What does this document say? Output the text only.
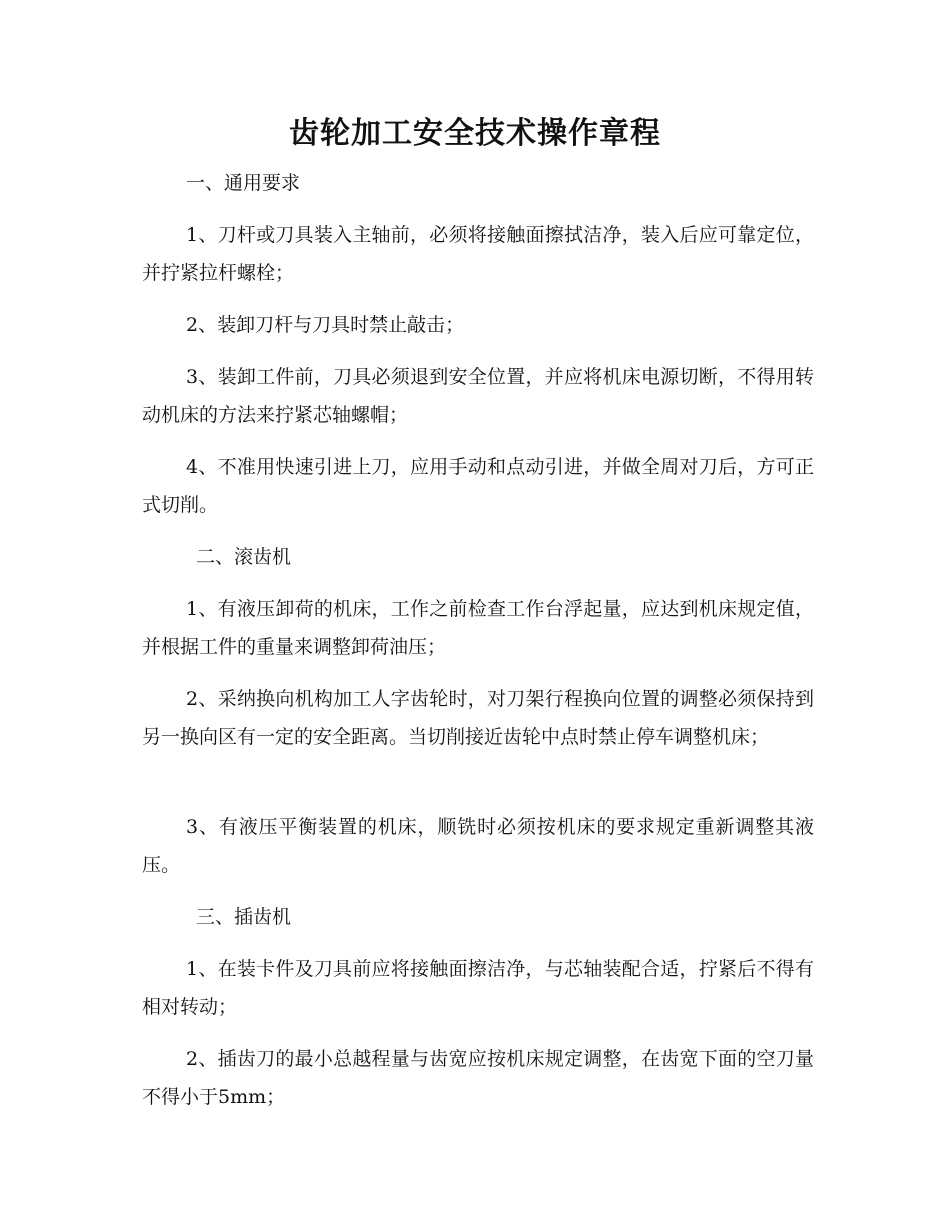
齿轮加工安全技术操作章程

一、通用要求

1、刀杆或刀具装入主轴前，必须将接触面擦拭洁净，装入后应可靠定位，并拧紧拉杆螺栓；

2、装卸刀杆与刀具时禁止敲击；

3、装卸工件前，刀具必须退到安全位置，并应将机床电源切断，不得用转动机床的方法来拧紧芯轴螺帽；

4、不准用快速引进上刀，应用手动和点动引进，并做全周对刀后，方可正式切削。

二、滚齿机

1、有液压卸荷的机床，工作之前检查工作台浮起量，应达到机床规定值，并根据工件的重量来调整卸荷油压；

2、采纳换向机构加工人字齿轮时，对刀架行程换向位置的调整必须保持到另一换向区有一定的安全距离。当切削接近齿轮中点时禁止停车调整机床；

3、有液压平衡装置的机床，顺铣时必须按机床的要求规定重新调整其液压。

三、插齿机

1、在装卡件及刀具前应将接触面擦洁净，与芯轴装配合适，拧紧后不得有相对转动；

2、插齿刀的最小总越程量与齿宽应按机床规定调整，在齿宽下面的空刀量不得小于5mm；
